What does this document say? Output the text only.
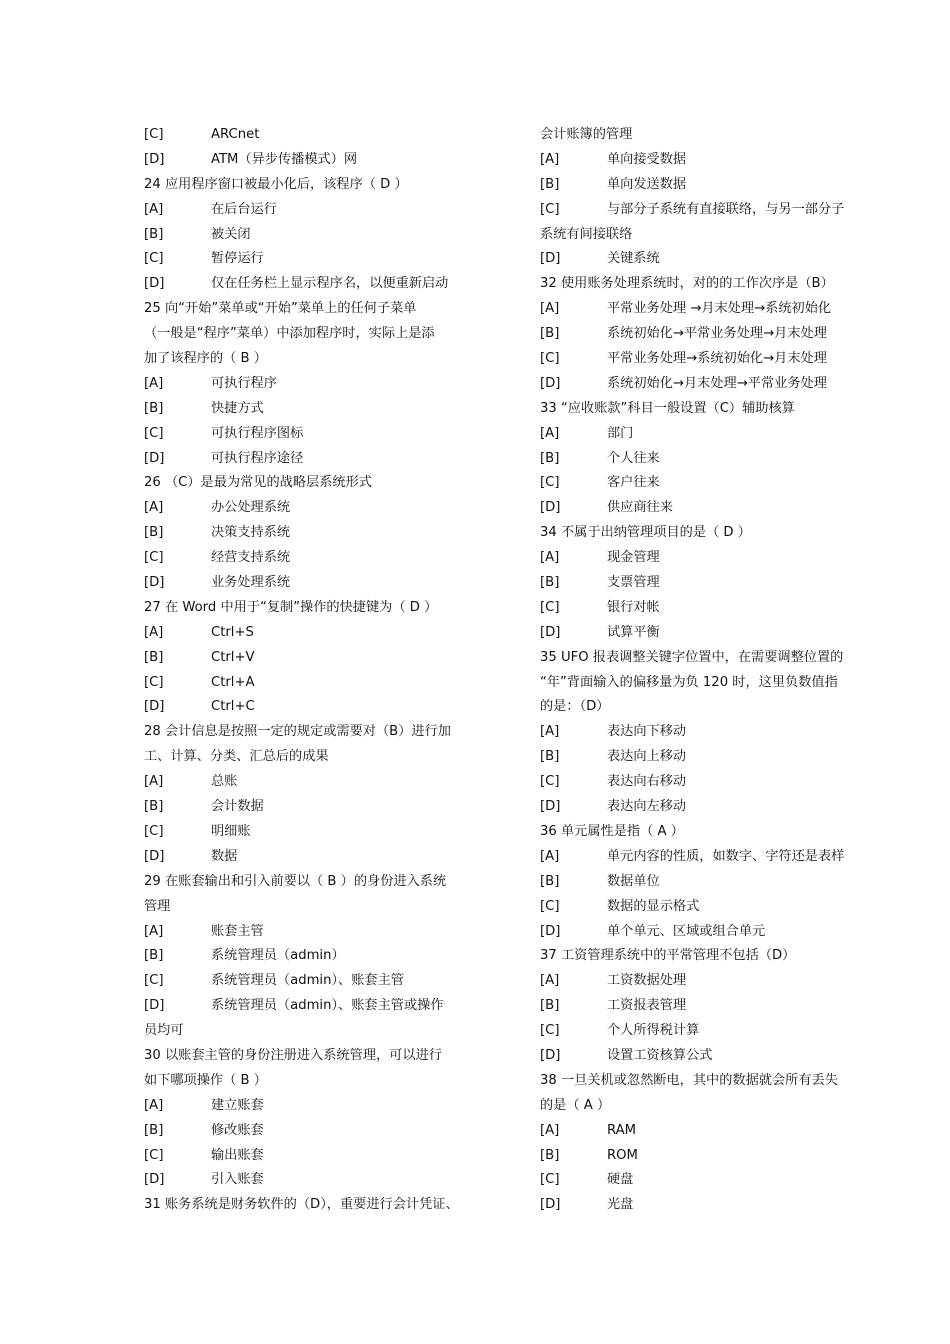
[C]	ARCnet
[D]	ATM（异步传播模式）网
24 应用程序窗口被最小化后，该程序（ D ）
[A]	在后台运行
[B]	被关闭
[C]	暂停运行
[D]	仅在任务栏上显示程序名，以便重新启动
25 向“开始”菜单或“开始”菜单上的任何子菜单
（一般是“程序”菜单）中添加程序时，实际上是添
加了该程序的（ B ）
[A]	可执行程序
[B]	快捷方式
[C]	可执行程序图标
[D]	可执行程序途径
26 （C）是最为常见的战略层系统形式
[A]	办公处理系统
[B]	决策支持系统
[C]	经营支持系统
[D]	业务处理系统
27 在 Word 中用于“复制”操作的快捷键为（ D ）
[A]	Ctrl+S
[B]	Ctrl+V
[C]	Ctrl+A
[D]	Ctrl+C
28 会计信息是按照一定的规定或需要对（B）进行加
工、计算、分类、汇总后的成果
[A]	总账
[B]	会计数据
[C]	明细账
[D]	数据
29 在账套输出和引入前要以（ B ）的身份进入系统
管理
[A]	账套主管
[B]	系统管理员（admin）
[C]	系统管理员（admin）、账套主管
[D]	系统管理员（admin）、账套主管或操作
员均可
30 以账套主管的身份注册进入系统管理，可以进行
如下哪项操作（ B ）
[A]	建立账套
[B]	修改账套
[C]	输出账套
[D]	引入账套
31 账务系统是财务软件的（D），重要进行会计凭证、
会计账簿的管理
[A]	单向接受数据
[B]	单向发送数据
[C]	与部分子系统有直接联络，与另一部分子
系统有间接联络
[D]	关键系统
32 使用账务处理系统时，对的的工作次序是（B）
[A]	平常业务处理 →月末处理→系统初始化
[B]	系统初始化→平常业务处理→月末处理
[C]	平常业务处理→系统初始化→月末处理
[D]	系统初始化→月末处理→平常业务处理
33 “应收账款”科目一般设置（C）辅助核算
[A]	部门
[B]	个人往来
[C]	客户往来
[D]	供应商往来
34 不属于出纳管理项目的是（ D ）
[A]	现金管理
[B]	支票管理
[C]	银行对帐
[D]	试算平衡
35 UFO 报表调整关键字位置中，在需要调整位置的
“年”背面输入的偏移量为负 120 时，这里负数值指
的是：（D）
[A]	表达向下移动
[B]	表达向上移动
[C]	表达向右移动
[D]	表达向左移动
36 单元属性是指（ A ）
[A]	单元内容的性质，如数字、字符还是表样
[B]	数据单位
[C]	数据的显示格式
[D]	单个单元、区域或组合单元
37 工资管理系统中的平常管理不包括（D）
[A]	工资数据处理
[B]	工资报表管理
[C]	个人所得税计算
[D]	设置工资核算公式
38 一旦关机或忽然断电，其中的数据就会所有丢失
的是（ A ）
[A]	RAM
[B]	ROM
[C]	硬盘
[D]	光盘
